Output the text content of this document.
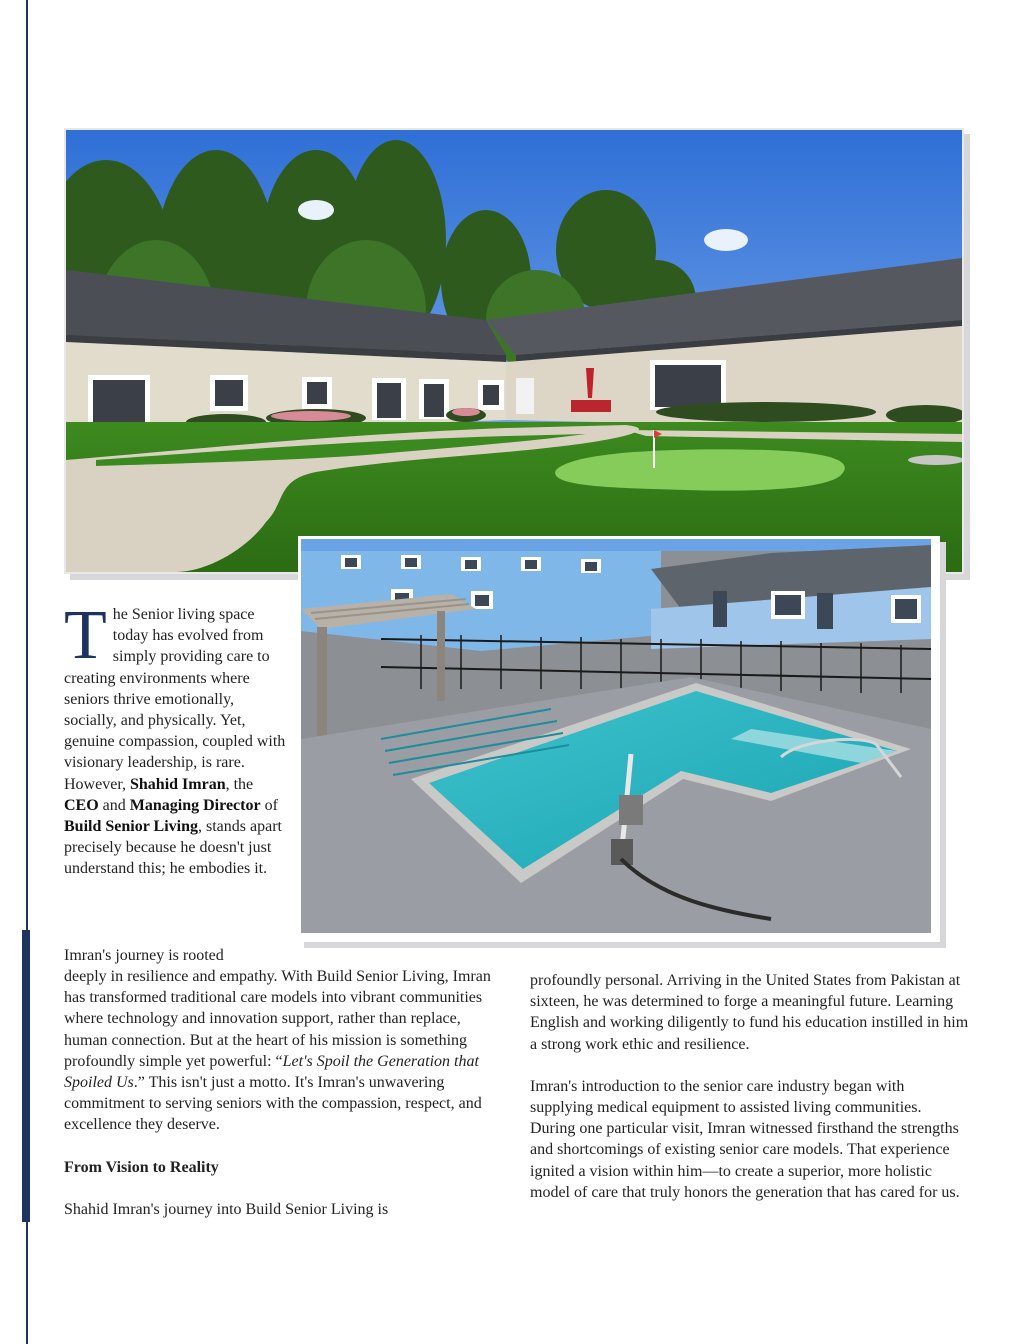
The Senior living space today has evolved from simply providing care to creating environments where seniors thrive emotionally, socially, and physically. Yet, genuine compassion, coupled with visionary leadership, is rare. However, Shahid Imran, the CEO and Managing Director of Build Senior Living, stands apart precisely because he doesn't just understand this; he embodies it.
Imran's journey is rooted

deeply in resilience and empathy. With Build Senior Living, Imran has transformed traditional care models into vibrant communities where technology and innovation support, rather than replace, human connection. But at the heart of his mission is something profoundly simple yet powerful: “Let's Spoil the Generation that Spoiled Us.” This isn't just a motto. It's Imran's unwavering commitment to serving seniors with the compassion, respect, and excellence they deserve.

From Vision to Reality

Shahid Imran's journey into Build Senior Living is

profoundly personal. Arriving in the United States from Pakistan at sixteen, he was determined to forge a meaningful future. Learning English and working diligently to fund his education instilled in him a strong work ethic and resilience.

Imran's introduction to the senior care industry began with supplying medical equipment to assisted living communities. During one particular visit, Imran witnessed firsthand the strengths and shortcomings of existing senior care models. That experience ignited a vision within him—to create a superior, more holistic model of care that truly honors the generation that has cared for us.
